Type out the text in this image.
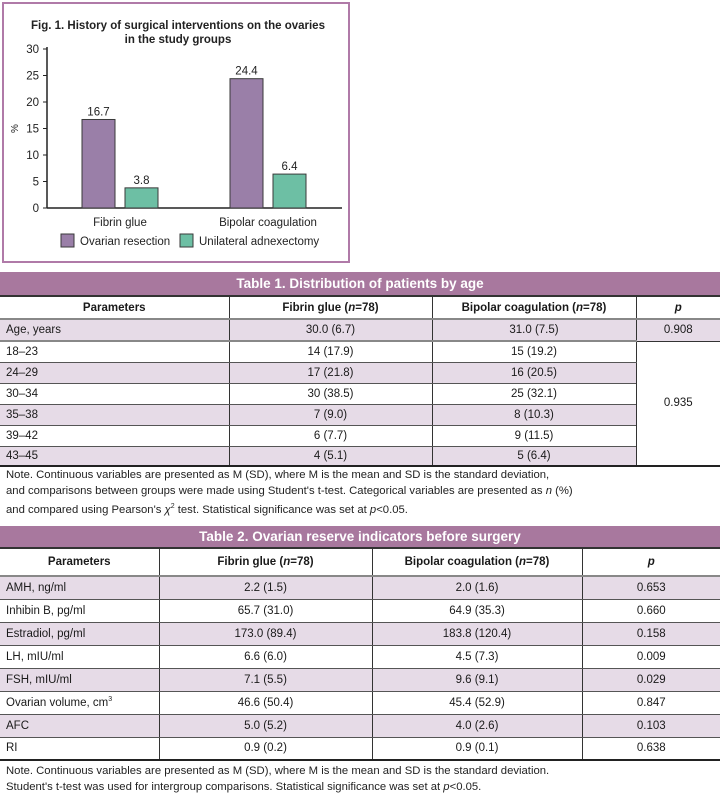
Fig. 1. History of surgical interventions on the ovaries
in the study groups
0
5
10
15
20
25
30
%
16.7
3.8
Fibrin glue
24.4
6.4
Bipolar coagulation
Ovarian resection	Unilateral adnexectomy
Table 1. Distribution of patients by age
Parameters	Fibrin glue (n=78)	Bipolar coagulation (n=78)	p
Age, years	30.0 (6.7)	31.0 (7.5)	0.908
18–23	14 (17.9)	15 (19.2)	0.935
24–29	17 (21.8)	16 (20.5)	
30–34	30 (38.5)	25 (32.1)	
35–38	7 (9.0)	8 (10.3)	
39–42	6 (7.7)	9 (11.5)	
43–45	4 (5.1)	5 (6.4)	
Note. Continuous variables are presented as M (SD), where M is the mean and SD is the standard deviation,
and comparisons between groups were made using Student's t-test. Categorical variables are presented as n (%)
and compared using Pearson's $\chi^2$ test. Statistical significance was set at p<0.05.
Table 2. Ovarian reserve indicators before surgery
Parameters	Fibrin glue (n=78)	Bipolar coagulation (n=78)	p
AMH, ng/ml	2.2 (1.5)	2.0 (1.6)	0.653
Inhibin B, pg/ml	65.7 (31.0)	64.9 (35.3)	0.660
Estradiol, pg/ml	173.0 (89.4)	183.8 (120.4)	0.158
LH, mIU/ml	6.6 (6.0)	4.5 (7.3)	0.009
FSH, mIU/ml	7.1 (5.5)	9.6 (9.1)	0.029
Ovarian volume, $cm^3$	46.6 (50.4)	45.4 (52.9)	0.847
AFC	5.0 (5.2)	4.0 (2.6)	0.103
RI	0.9 (0.2)	0.9 (0.1)	0.638
Note. Continuous variables are presented as M (SD), where M is the mean and SD is the standard deviation.
Student's t-test was used for intergroup comparisons. Statistical significance was set at p<0.05.
